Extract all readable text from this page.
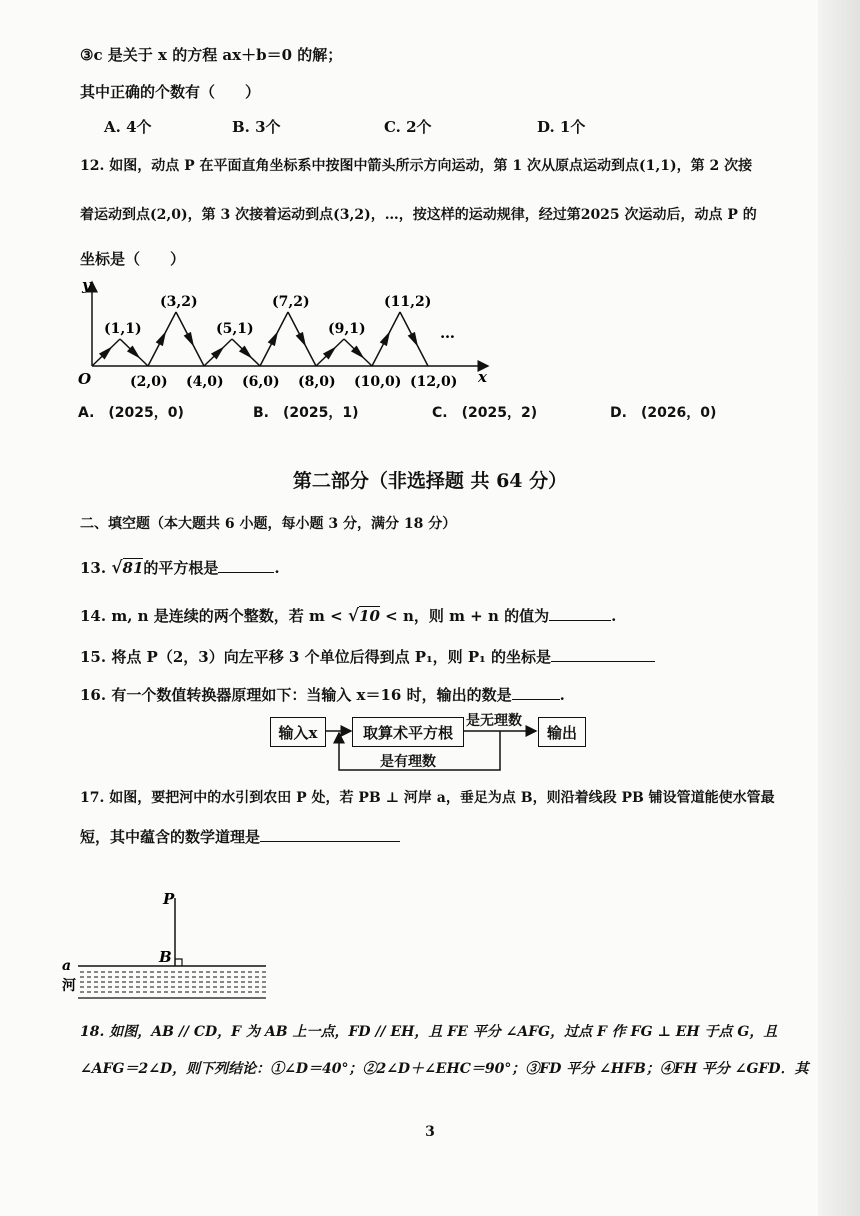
③c 是关于 x 的方程 ax＋b＝0 的解；
其中正确的个数有（　　）
A. 4个	B. 3个	C. 2个	D. 1个
12. 如图，动点 P 在平面直角坐标系中按图中箭头所示方向运动，第 1 次从原点运动到点(1,1)，第 2 次接
着运动到点(2,0)，第 3 次接着运动到点(3,2)，…，按这样的运动规律，经过第2025 次运动后，动点 P 的
坐标是（　　）
y
x
O
(1,1)
(3,2)
(5,1)
(7,2)
(9,1)
(11,2)
(2,0) (4,0) (6,0) (8,0) (10,0) (12,0)
…
A.　(2025，0)	B.　(2025，1)	C.　(2025，2)	D.　(2026，0)
第二部分（非选择题 共 64 分）
二、填空题（本大题共 6 小题，每小题 3 分，满分 18 分）
13. √81的平方根是	.
14. m, n 是连续的两个整数，若 m < √10 < n，则 m + n 的值为	.
15. 将点 P（2，3）向左平移 3 个单位后得到点 P₁，则 P₁ 的坐标是
16. 有一个数值转换器原理如下：当输入 x＝16 时，输出的数是	.
输入x	取算术平方根	输出
是无理数
是有理数
17. 如图，要把河中的水引到农田 P 处，若 PB ⊥ 河岸 a，垂足为点 B，则沿着线段 PB 铺设管道能使水管最
短，其中蕴含的数学道理是
P
B
a
河
18. 如图，AB // CD，F 为 AB 上一点，FD // EH，且 FE 平分 ∠AFG，过点 F 作 FG ⊥ EH 于点 G，且
∠AFG＝2∠D，则下列结论：①∠D＝40°；②2∠D＋∠EHC＝90°；③FD 平分 ∠HFB；④FH 平分 ∠GFD．其
3
